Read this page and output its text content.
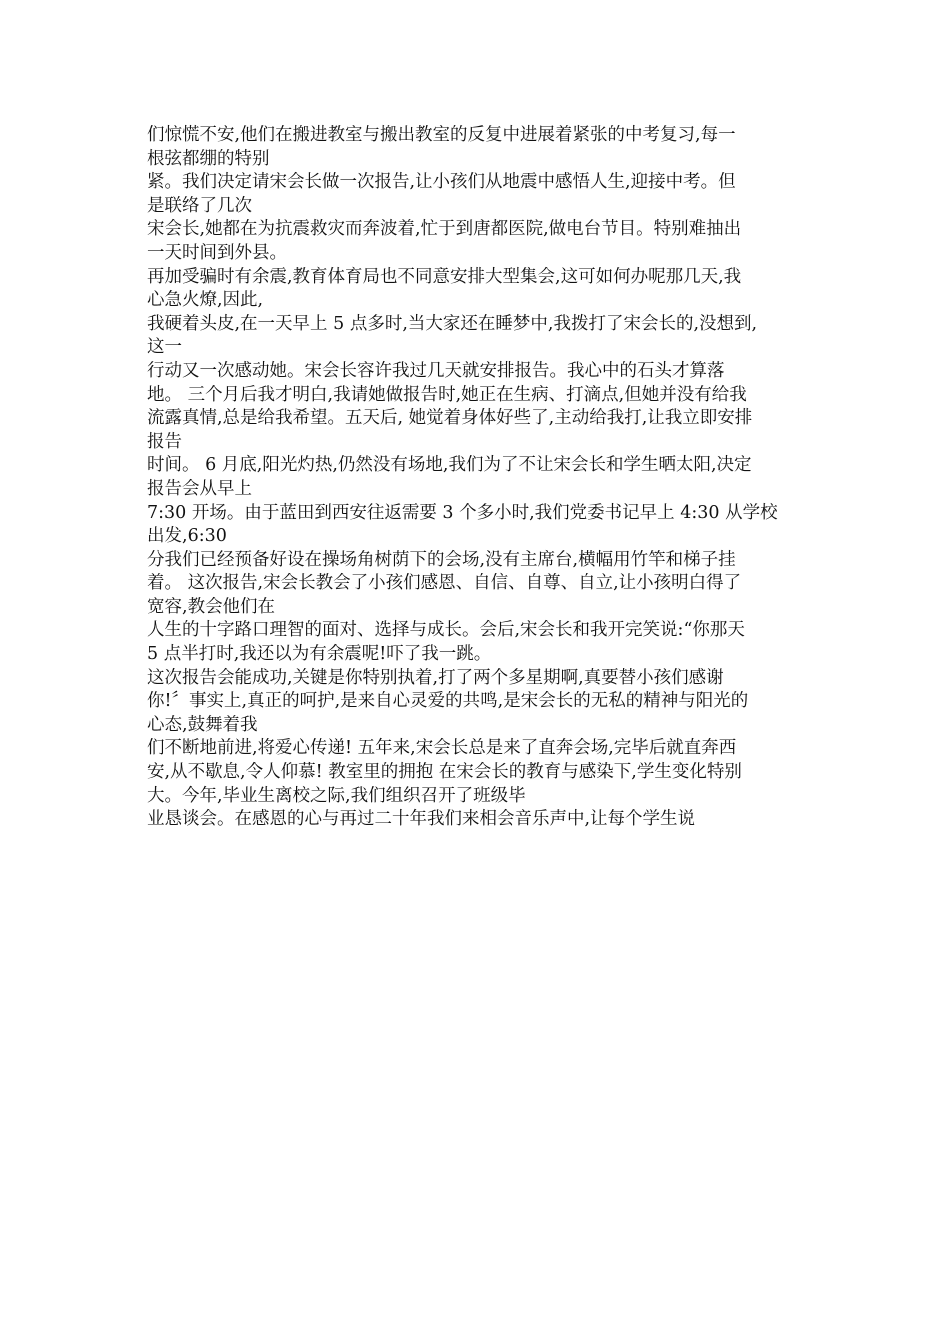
们惊慌不安,他们在搬进教室与搬出教室的反复中进展着紧张的中考复习,每一
根弦都绷的特别
紧。我们决定请宋会长做一次报告,让小孩们从地震中感悟人生,迎接中考。但
是联络了几次
宋会长,她都在为抗震救灾而奔波着,忙于到唐都医院,做电台节目。特别难抽出
一天时间到外县。
再加受骗时有余震,教育体育局也不同意安排大型集会,这可如何办呢那几天,我
心急火燎,因此,
我硬着头皮,在一天早上 5 点多时,当大家还在睡梦中,我拨打了宋会长的,没想到,
这一
行动又一次感动她。宋会长容许我过几天就安排报告。我心中的石头才算落
地。 三个月后我才明白,我请她做报告时,她正在生病、打滴点,但她并没有给我
流露真情,总是给我希望。五天后, 她觉着身体好些了,主动给我打,让我立即安排
报告
时间。 6 月底,阳光灼热,仍然没有场地,我们为了不让宋会长和学生晒太阳,决定
报告会从早上
7:30 开场。由于蓝田到西安往返需要 3 个多小时,我们党委书记早上 4:30 从学校
出发,6:30
分我们已经预备好设在操场角树荫下的会场,没有主席台,横幅用竹竿和梯子挂
着。 这次报告,宋会长教会了小孩们感恩、自信、自尊、自立,让小孩明白得了
宽容,教会他们在
人生的十字路口理智的面对、选择与成长。会后,宋会长和我开完笑说:“你那天
5 点半打时,我还以为有余震呢!吓了我一跳。
这次报告会能成功,关键是你特别执着,打了两个多星期啊,真要替小孩们感谢
你!〞事实上,真正的呵护,是来自心灵爱的共鸣,是宋会长的无私的精神与阳光的
心态,鼓舞着我
们不断地前进,将爱心传递! 五年来,宋会长总是来了直奔会场,完毕后就直奔西
安,从不歇息,令人仰慕! 教室里的拥抱 在宋会长的教育与感染下,学生变化特别
大。今年,毕业生离校之际,我们组织召开了班级毕
业恳谈会。在感恩的心与再过二十年我们来相会音乐声中,让每个学生说
